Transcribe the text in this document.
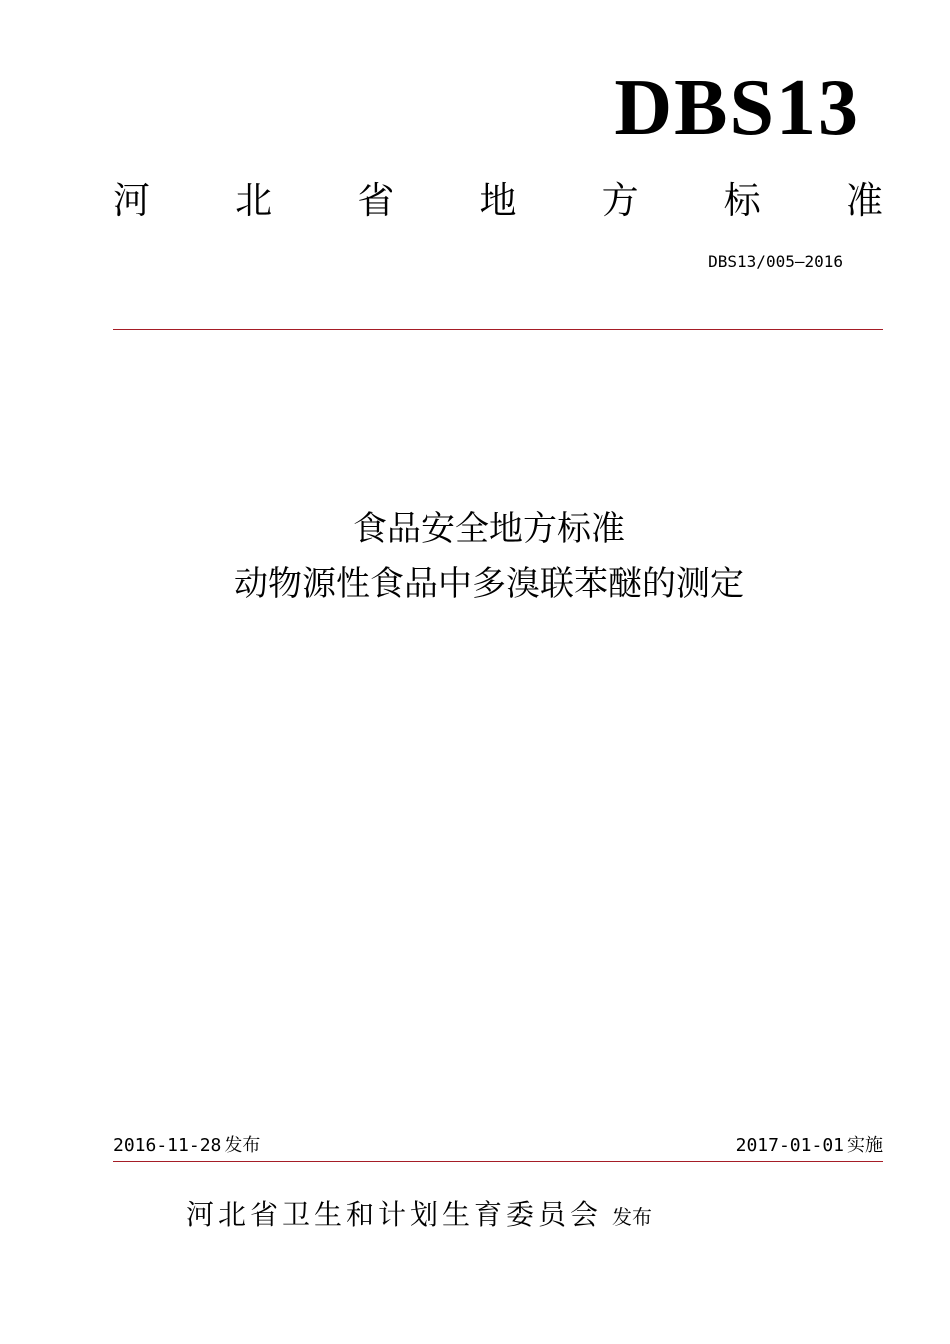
DBS13
河 北 省 地 方 标 准
DBS13/005—2016
食品安全地方标准
动物源性食品中多溴联苯醚的测定
2016-11-28 发布	2017-01-01 实施
河北省卫生和计划生育委员会 发布
